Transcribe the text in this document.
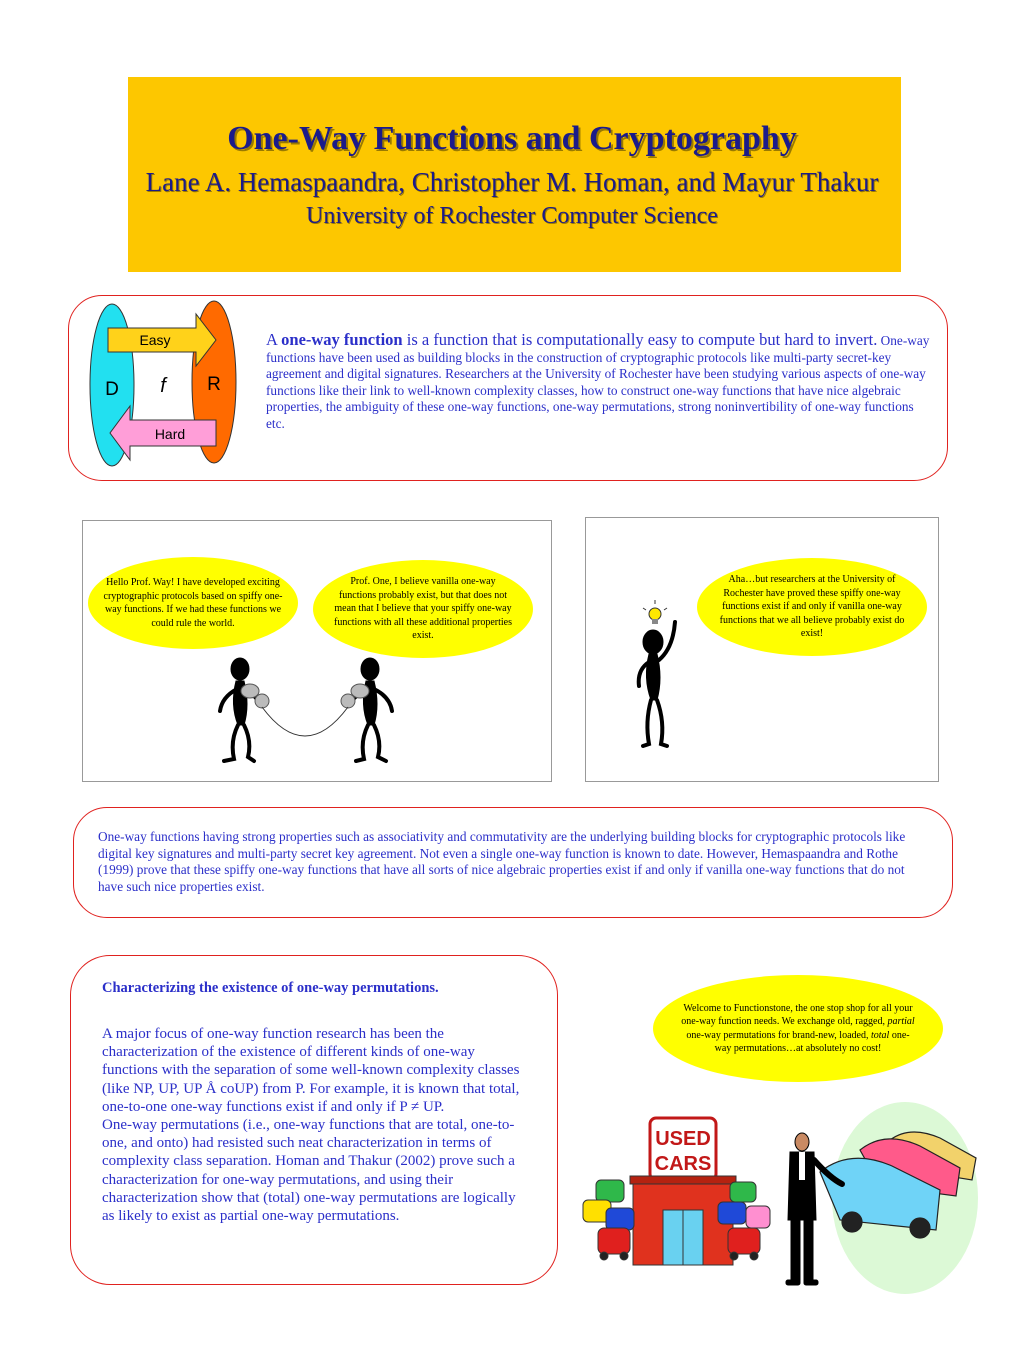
One-Way Functions and Cryptography
Lane A. Hemaspaandra, Christopher M. Homan, and Mayur Thakur
University of Rochester Computer Science
Easy
Hard
D	R
f
A one-way function is a function that is computationally easy to compute but hard to invert. One-way functions have been used as building blocks in the construction of cryptographic protocols like multi-party secret-key agreement and digital signatures. Researchers at the University of Rochester have been studying various aspects of one-way functions like their link to well-known complexity classes, how to construct one-way functions that have nice algebraic properties, the ambiguity of these one-way functions, one-way permutations, strong noninvertibility of one-way functions etc.
Hello Prof. Way! I have developed exciting cryptographic protocols based on spiffy one-way functions. If we had these functions we could rule the world.
Prof. One, I believe vanilla one-way functions probably exist, but that does not mean that I believe that your spiffy one-way functions with all these additional properties exist.
Aha…but researchers at the University of Rochester have proved these spiffy one-way functions exist if and only if vanilla one-way functions that we all believe probably exist do exist!
One-way functions having strong properties such as associativity and commutativity are the underlying building blocks for cryptographic protocols like digital key signatures and multi-party secret key agreement. Not even a single one-way function is known to date. However, Hemaspaandra and Rothe (1999) prove that these spiffy one-way functions that have all sorts of nice algebraic properties exist if and only if vanilla one-way functions that do not have such nice properties exist.
Characterizing the existence of one-way permutations.

A major focus of one-way function research has been the characterization of the existence of different kinds of one-way functions with the separation of some well-known complexity classes (like NP, UP, UP Å coUP) from P. For example, it is known that total, one-to-one one-way functions exist if and only if P ≠ UP.

One-way permutations (i.e., one-way functions that are total, one-to-one, and onto) had resisted such neat characterization in terms of complexity class separation. Homan and Thakur (2002) prove such a characterization for one-way permutations, and using their characterization show that (total) one-way permutations are logically as likely to exist as partial one-way permutations.

Welcome to Functionstone, the one stop shop for all your one-way function needs. We exchange old, ragged, partial one-way permutations for brand-new, loaded, total one-way permutations…at absolutely no cost!
USED
CARS
